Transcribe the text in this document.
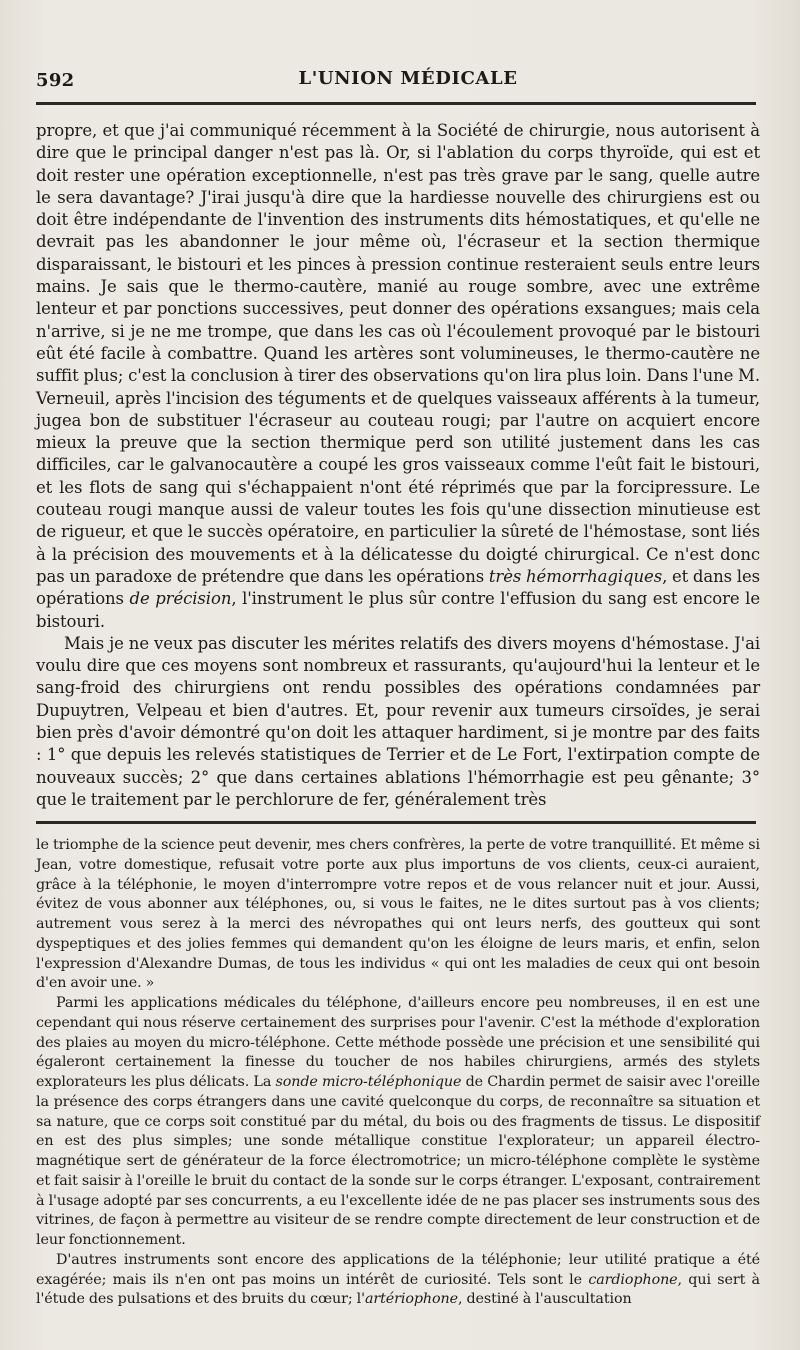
592	L'UNION MÉDICALE

propre, et que j'ai communiqué récemment à la Société de chirurgie, nous autorisent à dire que le principal danger n'est pas là. Or, si l'ablation du corps thyroïde, qui est et doit rester une opération exceptionnelle, n'est pas très grave par le sang, quelle autre le sera davantage? J'irai jusqu'à dire que la hardiesse nouvelle des chirurgiens est ou doit être indépendante de l'invention des instruments dits hémostatiques, et qu'elle ne devrait pas les abandonner le jour même où, l'écraseur et la section thermique disparaissant, le bistouri et les pinces à pression continue resteraient seuls entre leurs mains. Je sais que le thermo-cautère, manié au rouge sombre, avec une extrême lenteur et par ponctions successives, peut donner des opérations exsangues; mais cela n'arrive, si je ne me trompe, que dans les cas où l'écoulement provoqué par le bistouri eût été facile à combattre. Quand les artères sont volumineuses, le thermo-cautère ne suffit plus; c'est la conclusion à tirer des observations qu'on lira plus loin. Dans l'une M. Verneuil, après l'incision des téguments et de quelques vaisseaux afférents à la tumeur, jugea bon de substituer l'écraseur au couteau rougi; par l'autre on acquiert encore mieux la preuve que la section thermique perd son utilité justement dans les cas difficiles, car le galvanocautère a coupé les gros vaisseaux comme l'eût fait le bistouri, et les flots de sang qui s'échappaient n'ont été réprimés que par la forcipressure. Le couteau rougi manque aussi de valeur toutes les fois qu'une dissection minutieuse est de rigueur, et que le succès opératoire, en particulier la sûreté de l'hémostase, sont liés à la précision des mouvements et à la délicatesse du doigté chirurgical. Ce n'est donc pas un paradoxe de prétendre que dans les opérations très hémorrhagiques, et dans les opérations de précision, l'instrument le plus sûr contre l'effusion du sang est encore le bistouri.

Mais je ne veux pas discuter les mérites relatifs des divers moyens d'hémostase. J'ai voulu dire que ces moyens sont nombreux et rassurants, qu'aujourd'hui la lenteur et le sang-froid des chirurgiens ont rendu possibles des opérations condamnées par Dupuytren, Velpeau et bien d'autres. Et, pour revenir aux tumeurs cirsoïdes, je serai bien près d'avoir démontré qu'on doit les attaquer hardiment, si je montre par des faits : 1° que depuis les relevés statistiques de Terrier et de Le Fort, l'extirpation compte de nouveaux succès; 2° que dans certaines ablations l'hémorrhagie est peu gênante; 3° que le traitement par le perchlorure de fer, généralement très

le triomphe de la science peut devenir, mes chers confrères, la perte de votre tranquillité. Et même si Jean, votre domestique, refusait votre porte aux plus importuns de vos clients, ceux-ci auraient, grâce à la téléphonie, le moyen d'interrompre votre repos et de vous relancer nuit et jour. Aussi, évitez de vous abonner aux téléphones, ou, si vous le faites, ne le dites surtout pas à vos clients; autrement vous serez à la merci des névropathes qui ont leurs nerfs, des goutteux qui sont dyspeptiques et des jolies femmes qui demandent qu'on les éloigne de leurs maris, et enfin, selon l'expression d'Alexandre Dumas, de tous les individus « qui ont les maladies de ceux qui ont besoin d'en avoir une. »

Parmi les applications médicales du téléphone, d'ailleurs encore peu nombreuses, il en est une cependant qui nous réserve certainement des surprises pour l'avenir. C'est la méthode d'exploration des plaies au moyen du micro-téléphone. Cette méthode possède une précision et une sensibilité qui égaleront certainement la finesse du toucher de nos habiles chirurgiens, armés des stylets explorateurs les plus délicats. La sonde micro-téléphonique de Chardin permet de saisir avec l'oreille la présence des corps étrangers dans une cavité quelconque du corps, de reconnaître sa situation et sa nature, que ce corps soit constitué par du métal, du bois ou des fragments de tissus. Le dispositif en est des plus simples; une sonde métallique constitue l'explorateur; un appareil électro-magnétique sert de générateur de la force électromotrice; un micro-téléphone complète le système et fait saisir à l'oreille le bruit du contact de la sonde sur le corps étranger. L'exposant, contrairement à l'usage adopté par ses concurrents, a eu l'excellente idée de ne pas placer ses instruments sous des vitrines, de façon à permettre au visiteur de se rendre compte directement de leur construction et de leur fonctionnement.

D'autres instruments sont encore des applications de la téléphonie; leur utilité pratique a été exagérée; mais ils n'en ont pas moins un intérêt de curiosité. Tels sont le cardiophone, qui sert à l'étude des pulsations et des bruits du cœur; l'artériophone, destiné à l'auscultation
